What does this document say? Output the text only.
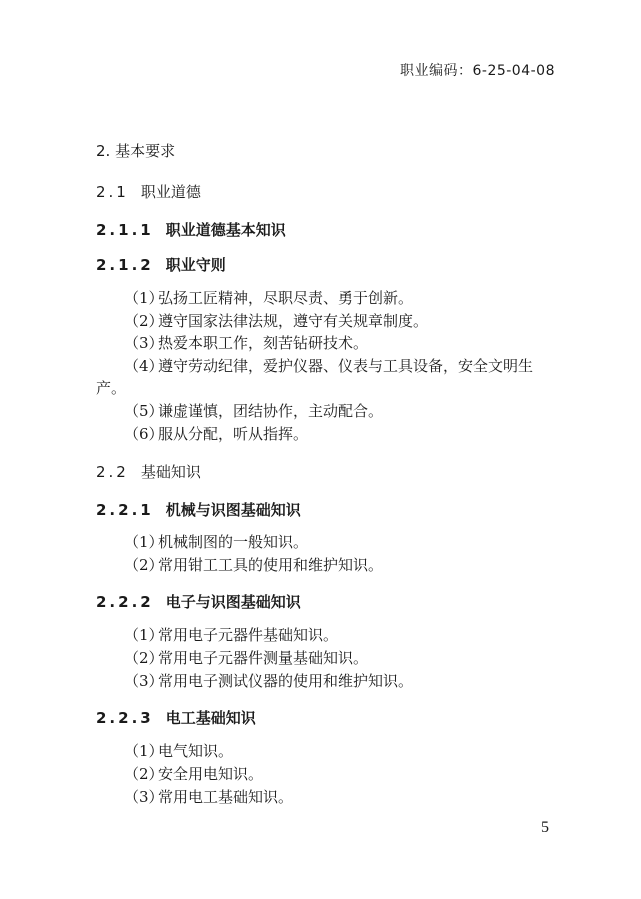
职业编码：6-25-04-08
2. 基本要求
2.1 职业道德
2.1.1 职业道德基本知识
2.1.2 职业守则
（1）弘扬工匠精神，尽职尽责、勇于创新。
（2）遵守国家法律法规，遵守有关规章制度。
（3）热爱本职工作，刻苦钻研技术。
（4）遵守劳动纪律，爱护仪器、仪表与工具设备，安全文明生
产。
（5）谦虚谨慎，团结协作，主动配合。
（6）服从分配，听从指挥。
2.2 基础知识
2.2.1 机械与识图基础知识
（1）机械制图的一般知识。
（2）常用钳工工具的使用和维护知识。
2.2.2 电子与识图基础知识
（1）常用电子元器件基础知识。
（2）常用电子元器件测量基础知识。
（3）常用电子测试仪器的使用和维护知识。
2.2.3 电工基础知识
（1）电气知识。
（2）安全用电知识。
（3）常用电工基础知识。
5
